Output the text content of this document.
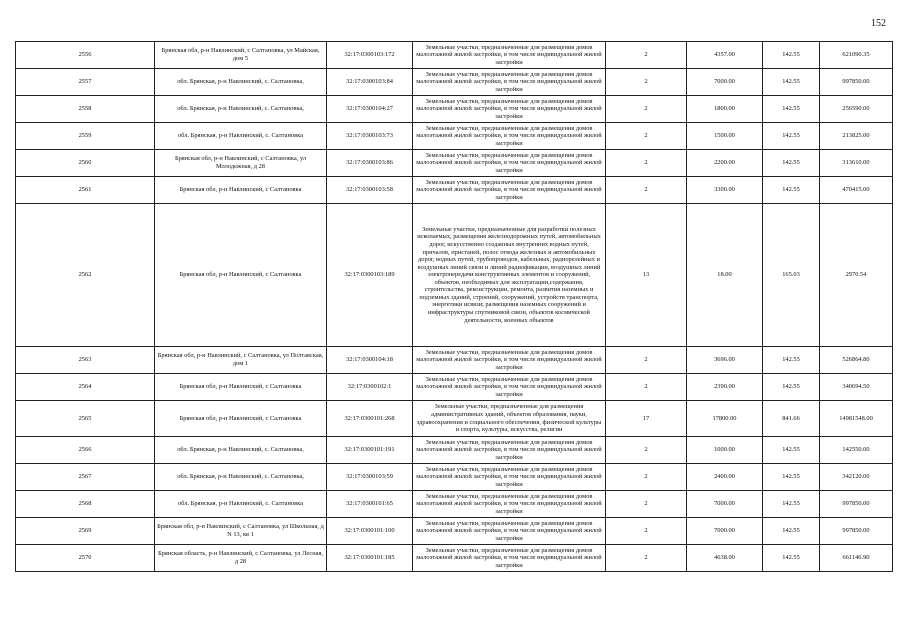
152
2556	Брянская обл, р-н Навлинский, с Салтановка, ул Майская, дом 5	32:17:0300103:172	Земельные участки, предназначенные для размещения домов малоэтажной жилой застройки, в том числе индивидуальной жилой застройки	2	4357.00	142.55	621090.35
2557	обл. Брянская, р-н Навлинский, с. Салтановка,	32:17:0300103:84	Земельные участки, предназначенные для размещения домов малоэтажной жилой застройки, в том числе индивидуальной жилой застройки	2	7000.00	142.55	997850.00
2558	обл. Брянская, р-н Навлинский, с. Салтановка,	32:17:0300104:27	Земельные участки, предназначенные для размещения домов малоэтажной жилой застройки, в том числе индивидуальной жилой застройки	2	1800.00	142.55	256590.00
2559	обл. Брянская, р-н Навлинский, с. Салтановка	32:17:0300103:73	Земельные участки, предназначенные для размещения домов малоэтажной жилой застройки, в том числе индивидуальной жилой застройки	2	1500.00	142.55	213825.00
2560	Брянская обл, р-н Навлинский, с Салтановка, ул Молодежная, д 28	32:17:0300103:86	Земельные участки, предназначенные для размещения домов малоэтажной жилой застройки, в том числе индивидуальной жилой застройки	2	2200.00	142.55	313610.00
2561	Брянская обл, р-н Навлинский, с Салтановка	32:17:0300103:58	Земельные участки, предназначенные для размещения домов малоэтажной жилой застройки, в том числе индивидуальной жилой застройки	2	3300.00	142.55	470415.00
2562	Брянская обл, р-н Навлинский, с Салтановка	32:17:0300103:189	Земельные участки, предназначенные для разработки полезных ископаемых, размещения железнодорожных путей, автомобильных дорог, искусственно созданных внутренних водных путей, причалов, пристаней, полос отвода железных и автомобильных дорог, водных путей, трубопроводов, кабельных, радиорелейных и воздушных линий связи и линий радиофикации, воздушных линий электропередачи конструктивных элементов и сооружений, объектов, необходимых для эксплуатации,содержания, строительства, реконструкции, ремонта, развития наземных и подземных зданий, строений, сооружений, устройств транспорта, энергетики исвязи; размещения наземных сооружений и инфраструктуры спутниковой связи, объектов космической деятельности, военных объектов	13	18.00	165.03	2970.54
2563	Брянская обл, р-н Навлинский, с Салтановка, ул Полтавская, дом 1	32:17:0300104:18	Земельные участки, предназначенные для размещения домов малоэтажной жилой застройки, в том числе индивидуальной жилой застройки	2	3696.00	142.55	526864.80
2564	Брянская обл, р-н Навлинский, с Салтановка	32:17:0300102:1	Земельные участки, предназначенные для размещения домов малоэтажной жилой застройки, в том числе индивидуальной жилой застройки	2	2390.00	142.55	340694.50
2565	Брянская обл, р-н Навлинский, с Салтановка	32:17:0300101:268	Земельные участки, предназначенные для размещения административных зданий, объектов образования, науки, здравоохранения и социального обеспечения, физической культуры и спорта, культуры, искусства, религии	17	17800.00	841.66	14981548.00
2566	обл. Брянская, р-н Навлинский, с. Салтановка,	32:17:0300101:191	Земельные участки, предназначенные для размещения домов малоэтажной жилой застройки, в том числе индивидуальной жилой застройки	2	1000.00	142.55	142550.00
2567	обл. Брянская, р-н Навлинский, с. Салтановка,	32:17:0300103:59	Земельные участки, предназначенные для размещения домов малоэтажной жилой застройки, в том числе индивидуальной жилой застройки	2	2400.00	142.55	342120.00
2568	обл. Брянская, р-н Навлинский, с. Салтановка	32:17:0300101:65	Земельные участки, предназначенные для размещения домов малоэтажной жилой застройки, в том числе индивидуальной жилой застройки	2	7000.00	142.55	997850.00
2569	Брянская обл, р-н Навлинский, с Салтановка, ул Школьная, д N 13, кв 1	32:17:0300101:100	Земельные участки, предназначенные для размещения домов малоэтажной жилой застройки, в том числе индивидуальной жилой застройки	2	7000.00	142.55	997850.00
2570	Брянская область, р-н Навлинский, с Салтановка, ул Лесная, д 28	32:17:0300101:185	Земельные участки, предназначенные для размещения домов малоэтажной жилой застройки, в том числе индивидуальной жилой застройки	2	4638.00	142.55	661146.90
